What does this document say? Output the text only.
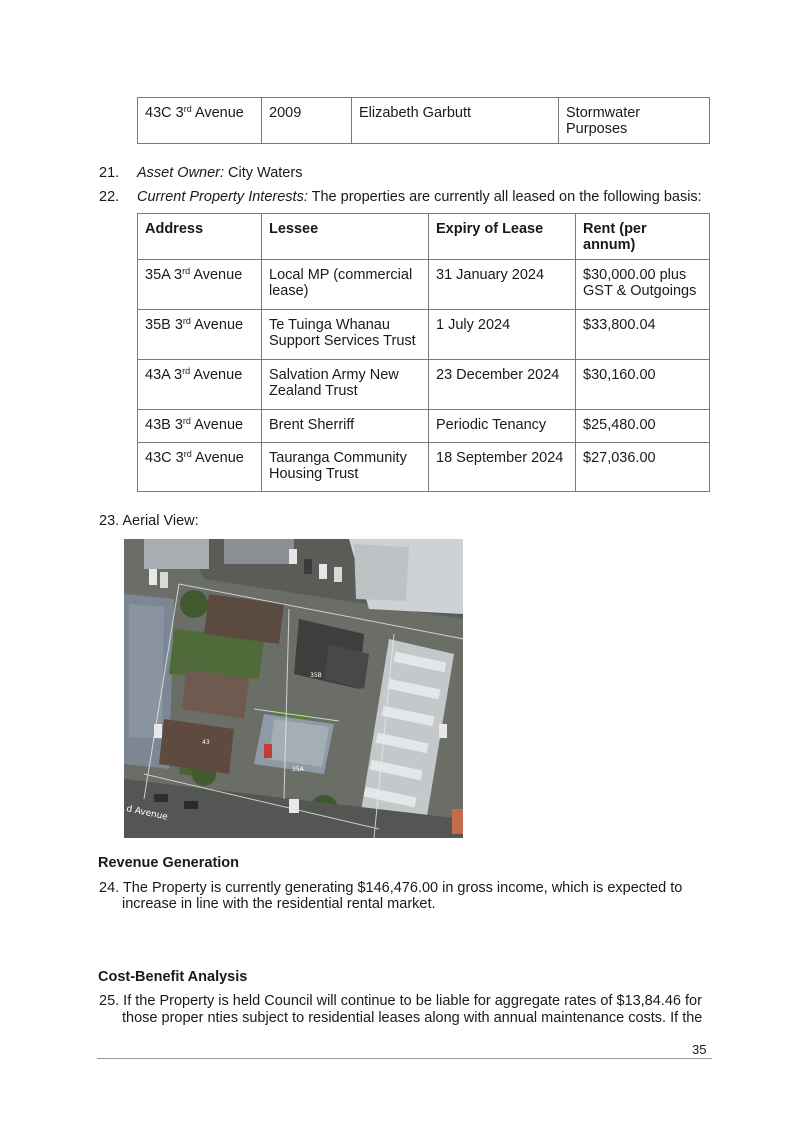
43C 3rd Avenue	2009	Elizabeth Garbutt	Stormwater Purposes
21. Asset Owner: City Waters
22. Current Property Interests: The properties are currently all leased on the following basis:
Address	Lessee	Expiry of Lease	Rent (per annum)
35A 3rd Avenue	Local MP (commercial lease)	31 January 2024	$30,000.00 plus GST & Outgoings
35B 3rd Avenue	Te Tuinga Whanau Support Services Trust	1 July 2024	$33,800.04
43A 3rd Avenue	Salvation Army New Zealand Trust	23 December 2024	$30,160.00
43B 3rd Avenue	Brent Sherriff	Periodic Tenancy	$25,480.00
43C 3rd Avenue	Tauranga Community Housing Trust	18 September 2024	$27,036.00
23. Aerial View:
35B
43
35A
d Avenue
Revenue Generation
24. The Property is currently generating $146,476.00 in gross income, which is expected to
increase in line with the residential rental market.
Cost-Benefit Analysis
25. If the Property is held Council will continue to be liable for aggregate rates of $13,84.46 for
those proper nties subject to residential leases along with annual maintenance costs. If the
35
